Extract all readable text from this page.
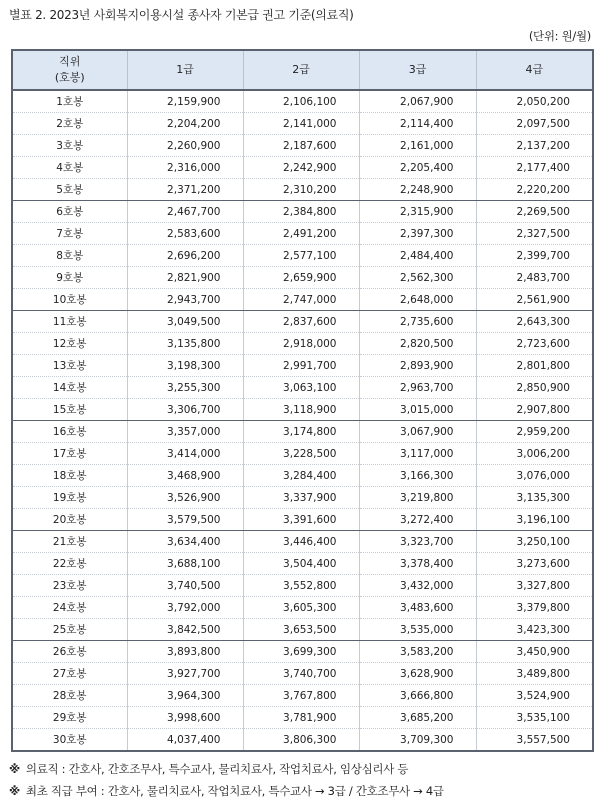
별표 2. 2023년 사회복지이용시설 종사자 기본급 권고 기준(의료직)
(단위: 원/월)
직위
(호봉)	1급	2급	3급	4급
1호봉	2,159,900	2,106,100	2,067,900	2,050,200
2호봉	2,204,200	2,141,000	2,114,400	2,097,500
3호봉	2,260,900	2,187,600	2,161,000	2,137,200
4호봉	2,316,000	2,242,900	2,205,400	2,177,400
5호봉	2,371,200	2,310,200	2,248,900	2,220,200
6호봉	2,467,700	2,384,800	2,315,900	2,269,500
7호봉	2,583,600	2,491,200	2,397,300	2,327,500
8호봉	2,696,200	2,577,100	2,484,400	2,399,700
9호봉	2,821,900	2,659,900	2,562,300	2,483,700
10호봉	2,943,700	2,747,000	2,648,000	2,561,900
11호봉	3,049,500	2,837,600	2,735,600	2,643,300
12호봉	3,135,800	2,918,000	2,820,500	2,723,600
13호봉	3,198,300	2,991,700	2,893,900	2,801,800
14호봉	3,255,300	3,063,100	2,963,700	2,850,900
15호봉	3,306,700	3,118,900	3,015,000	2,907,800
16호봉	3,357,000	3,174,800	3,067,900	2,959,200
17호봉	3,414,000	3,228,500	3,117,000	3,006,200
18호봉	3,468,900	3,284,400	3,166,300	3,076,000
19호봉	3,526,900	3,337,900	3,219,800	3,135,300
20호봉	3,579,500	3,391,600	3,272,400	3,196,100
21호봉	3,634,400	3,446,400	3,323,700	3,250,100
22호봉	3,688,100	3,504,400	3,378,400	3,273,600
23호봉	3,740,500	3,552,800	3,432,000	3,327,800
24호봉	3,792,000	3,605,300	3,483,600	3,379,800
25호봉	3,842,500	3,653,500	3,535,000	3,423,300
26호봉	3,893,800	3,699,300	3,583,200	3,450,900
27호봉	3,927,700	3,740,700	3,628,900	3,489,800
28호봉	3,964,300	3,767,800	3,666,800	3,524,900
29호봉	3,998,600	3,781,900	3,685,200	3,535,100
30호봉	4,037,400	3,806,300	3,709,300	3,557,500
※ 의료직 : 간호사, 간호조무사, 특수교사, 물리치료사, 작업치료사, 임상심리사 등
※ 최초 직급 부여 : 간호사, 물리치료사, 작업치료사, 특수교사 → 3급 / 간호조무사 → 4급
